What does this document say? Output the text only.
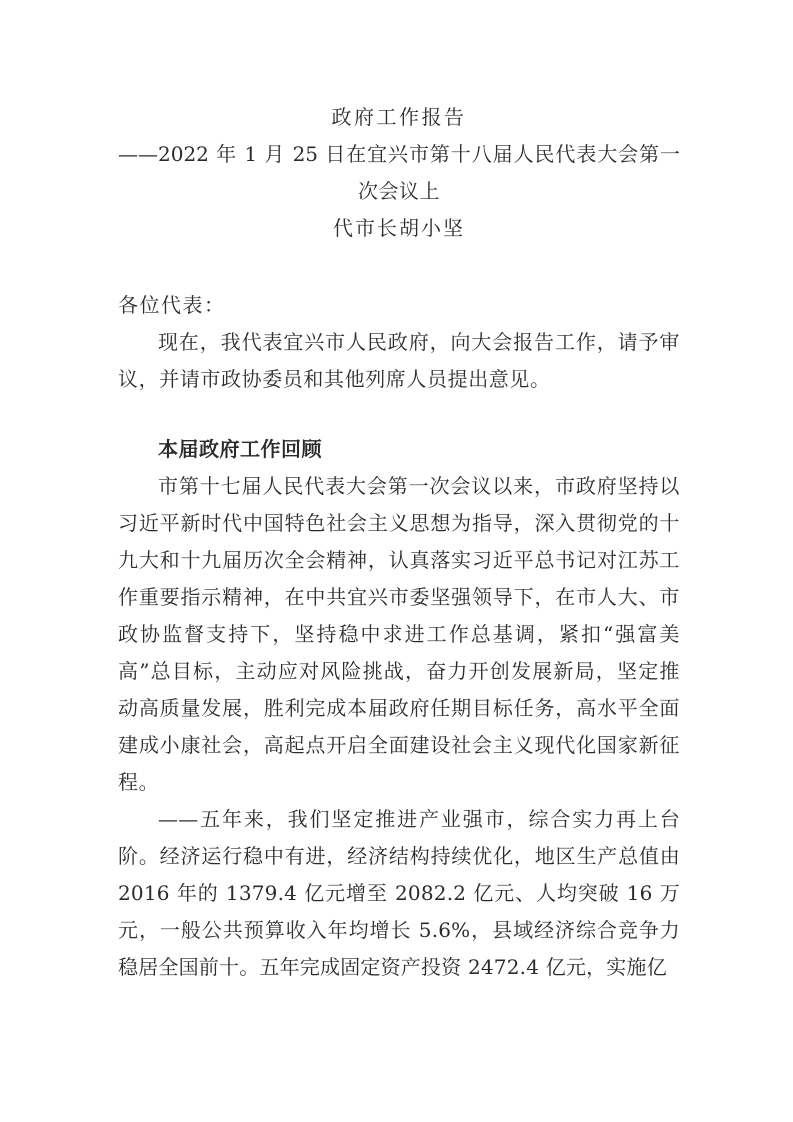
政府工作报告

——2022 年 1 月 25 日在宜兴市第十八届人民代表大会第一

次会议上

代市长胡小坚

各位代表：

现在，我代表宜兴市人民政府，向大会报告工作，请予审议，并请市政协委员和其他列席人员提出意见。

本届政府工作回顾

市第十七届人民代表大会第一次会议以来，市政府坚持以习近平新时代中国特色社会主义思想为指导，深入贯彻党的十九大和十九届历次全会精神，认真落实习近平总书记对江苏工作重要指示精神，在中共宜兴市委坚强领导下，在市人大、市政协监督支持下，坚持稳中求进工作总基调，紧扣“强富美高”总目标，主动应对风险挑战，奋力开创发展新局，坚定推动高质量发展，胜利完成本届政府任期目标任务，高水平全面建成小康社会，高起点开启全面建设社会主义现代化国家新征程。

——五年来，我们坚定推进产业强市，综合实力再上台阶。经济运行稳中有进，经济结构持续优化，地区生产总值由 2016 年的 1379.4 亿元增至 2082.2 亿元、人均突破 16 万元，一般公共预算收入年均增长 5.6%，县域经济综合竞争力稳居全国前十。五年完成固定资产投资 2472.4 亿元，实施亿
